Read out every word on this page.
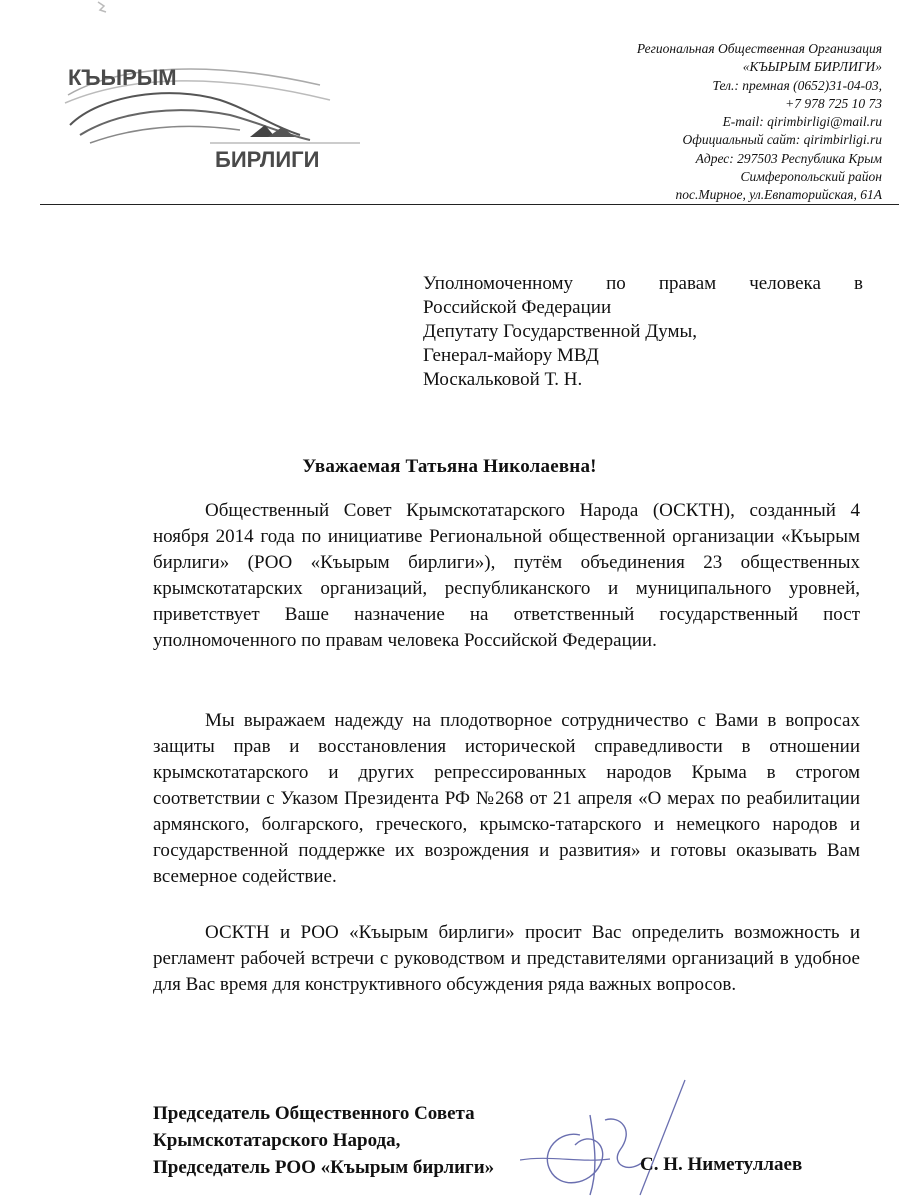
КЪЫРЫМ
БИРЛИГИ
Региональная Общественная Организация
«КЪЫРЫМ БИРЛИГИ»
Тел.: премная (0652)31-04-03,
+7 978 725 10 73
E-mail: qirimbirligi@mail.ru
Официальный сайт: qirimbirligi.ru
Адрес: 297503 Республика Крым
Симферопольский район
пос.Мирное, ул.Евпаторийская, 61А
Уполномоченному по правам человека в
Российской Федерации
Депутату Государственной Думы,
Генерал-майору МВД
Москальковой Т. Н.
Уважаемая Татьяна Николаевна!
Общественный Совет Крымскотатарского Народа (ОСКТН), созданный 4 ноября 2014 года по инициативе Региональной общественной организации «Къырым бирлиги» (РОО «Къырым бирлиги»), путём объединения 23 общественных крымскотатарских организаций, республиканского и муниципального уровней, приветствует Ваше назначение на ответственный государственный пост уполномоченного по правам человека Российской Федерации.
Мы выражаем надежду на плодотворное сотрудничество с Вами в вопросах защиты прав и восстановления исторической справедливости в отношении крымскотатарского и других репрессированных народов Крыма в строгом соответствии с Указом Президента РФ №268 от 21 апреля «О мерах по реабилитации армянского, болгарского, греческого, крымско-татарского и немецкого народов и государственной поддержке их возрождения и развития» и готовы оказывать Вам всемерное содействие.
ОСКТН и РОО «Къырым бирлиги» просит Вас определить возможность и регламент рабочей встречи с руководством и представителями организаций в удобное для Вас время для конструктивного обсуждения ряда важных вопросов.
Председатель Общественного Совета
Крымскотатарского Народа,
Председатель РОО «Къырым бирлиги»	С. Н. Ниметуллаев
